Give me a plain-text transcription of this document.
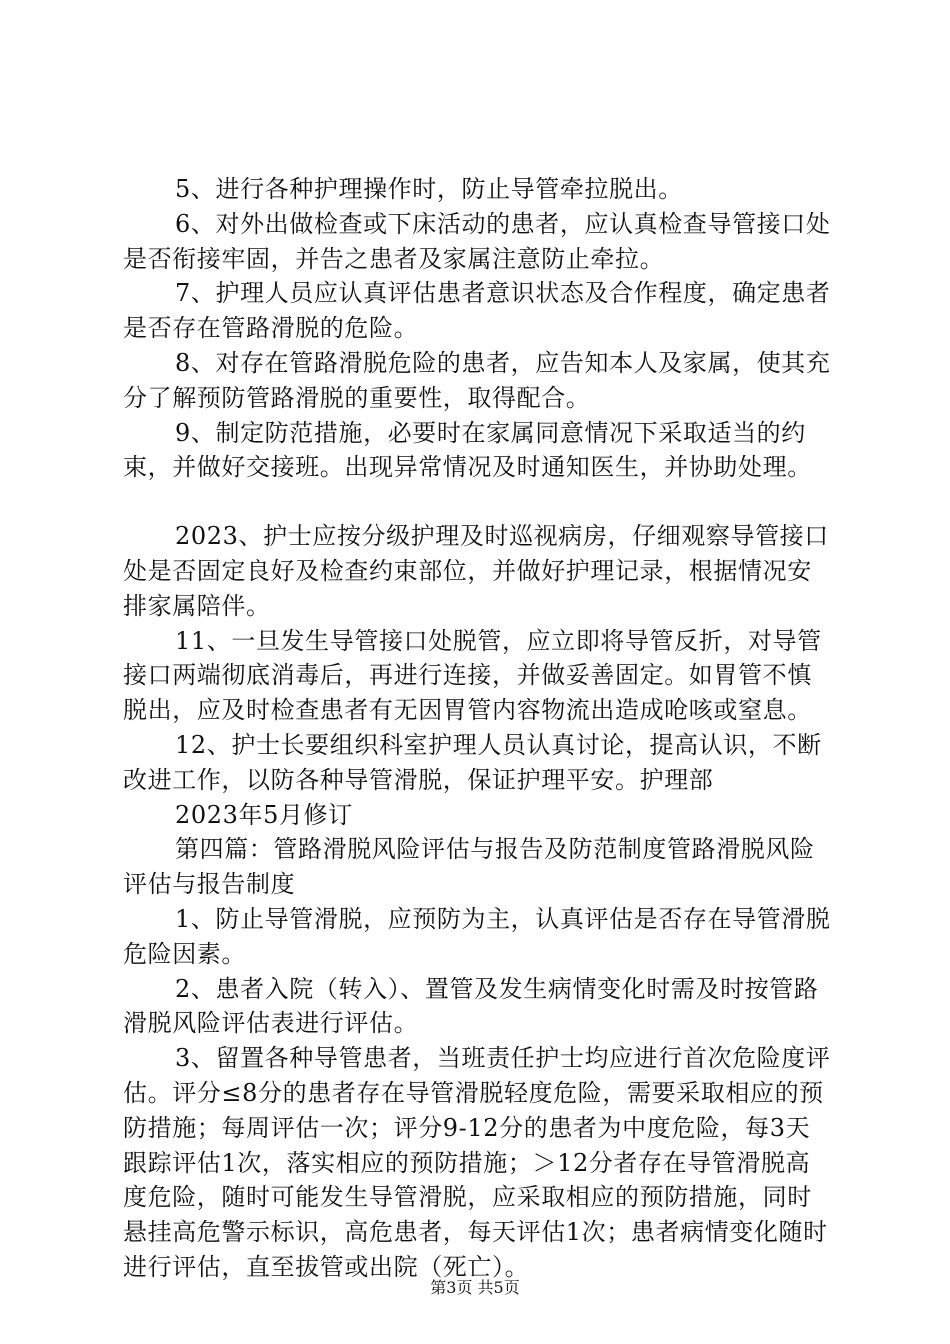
5、进行各种护理操作时，防止导管牵拉脱出。

6、对外出做检查或下床活动的患者，应认真检查导管接口处是否衔接牢固，并告之患者及家属注意防止牵拉。

7、护理人员应认真评估患者意识状态及合作程度，确定患者是否存在管路滑脱的危险。

8、对存在管路滑脱危险的患者，应告知本人及家属，使其充分了解预防管路滑脱的重要性，取得配合。

9、制定防范措施，必要时在家属同意情况下采取适当的约束，并做好交接班。出现异常情况及时通知医生，并协助处理。

2023、护士应按分级护理及时巡视病房，仔细观察导管接口处是否固定良好及检查约束部位，并做好护理记录，根据情况安排家属陪伴。

11、一旦发生导管接口处脱管，应立即将导管反折，对导管接口两端彻底消毒后，再进行连接，并做妥善固定。如胃管不慎脱出，应及时检查患者有无因胃管内容物流出造成呛咳或窒息。

12、护士长要组织科室护理人员认真讨论，提高认识，不断改进工作，以防各种导管滑脱，保证护理平安。护理部

2023年5月修订

第四篇：管路滑脱风险评估与报告及防范制度管路滑脱风险评估与报告制度

1、防止导管滑脱，应预防为主，认真评估是否存在导管滑脱危险因素。

2、患者入院（转入）、置管及发生病情变化时需及时按管路滑脱风险评估表进行评估。

3、留置各种导管患者，当班责任护士均应进行首次危险度评估。评分≤8分的患者存在导管滑脱轻度危险，需要采取相应的预防措施；每周评估一次；评分9-12分的患者为中度危险，每3天跟踪评估1次，落实相应的预防措施；＞12分者存在导管滑脱高度危险，随时可能发生导管滑脱，应采取相应的预防措施，同时悬挂高危警示标识，高危患者，每天评估1次；患者病情变化随时进行评估，直至拔管或出院（死亡）。

第3页 共5页
